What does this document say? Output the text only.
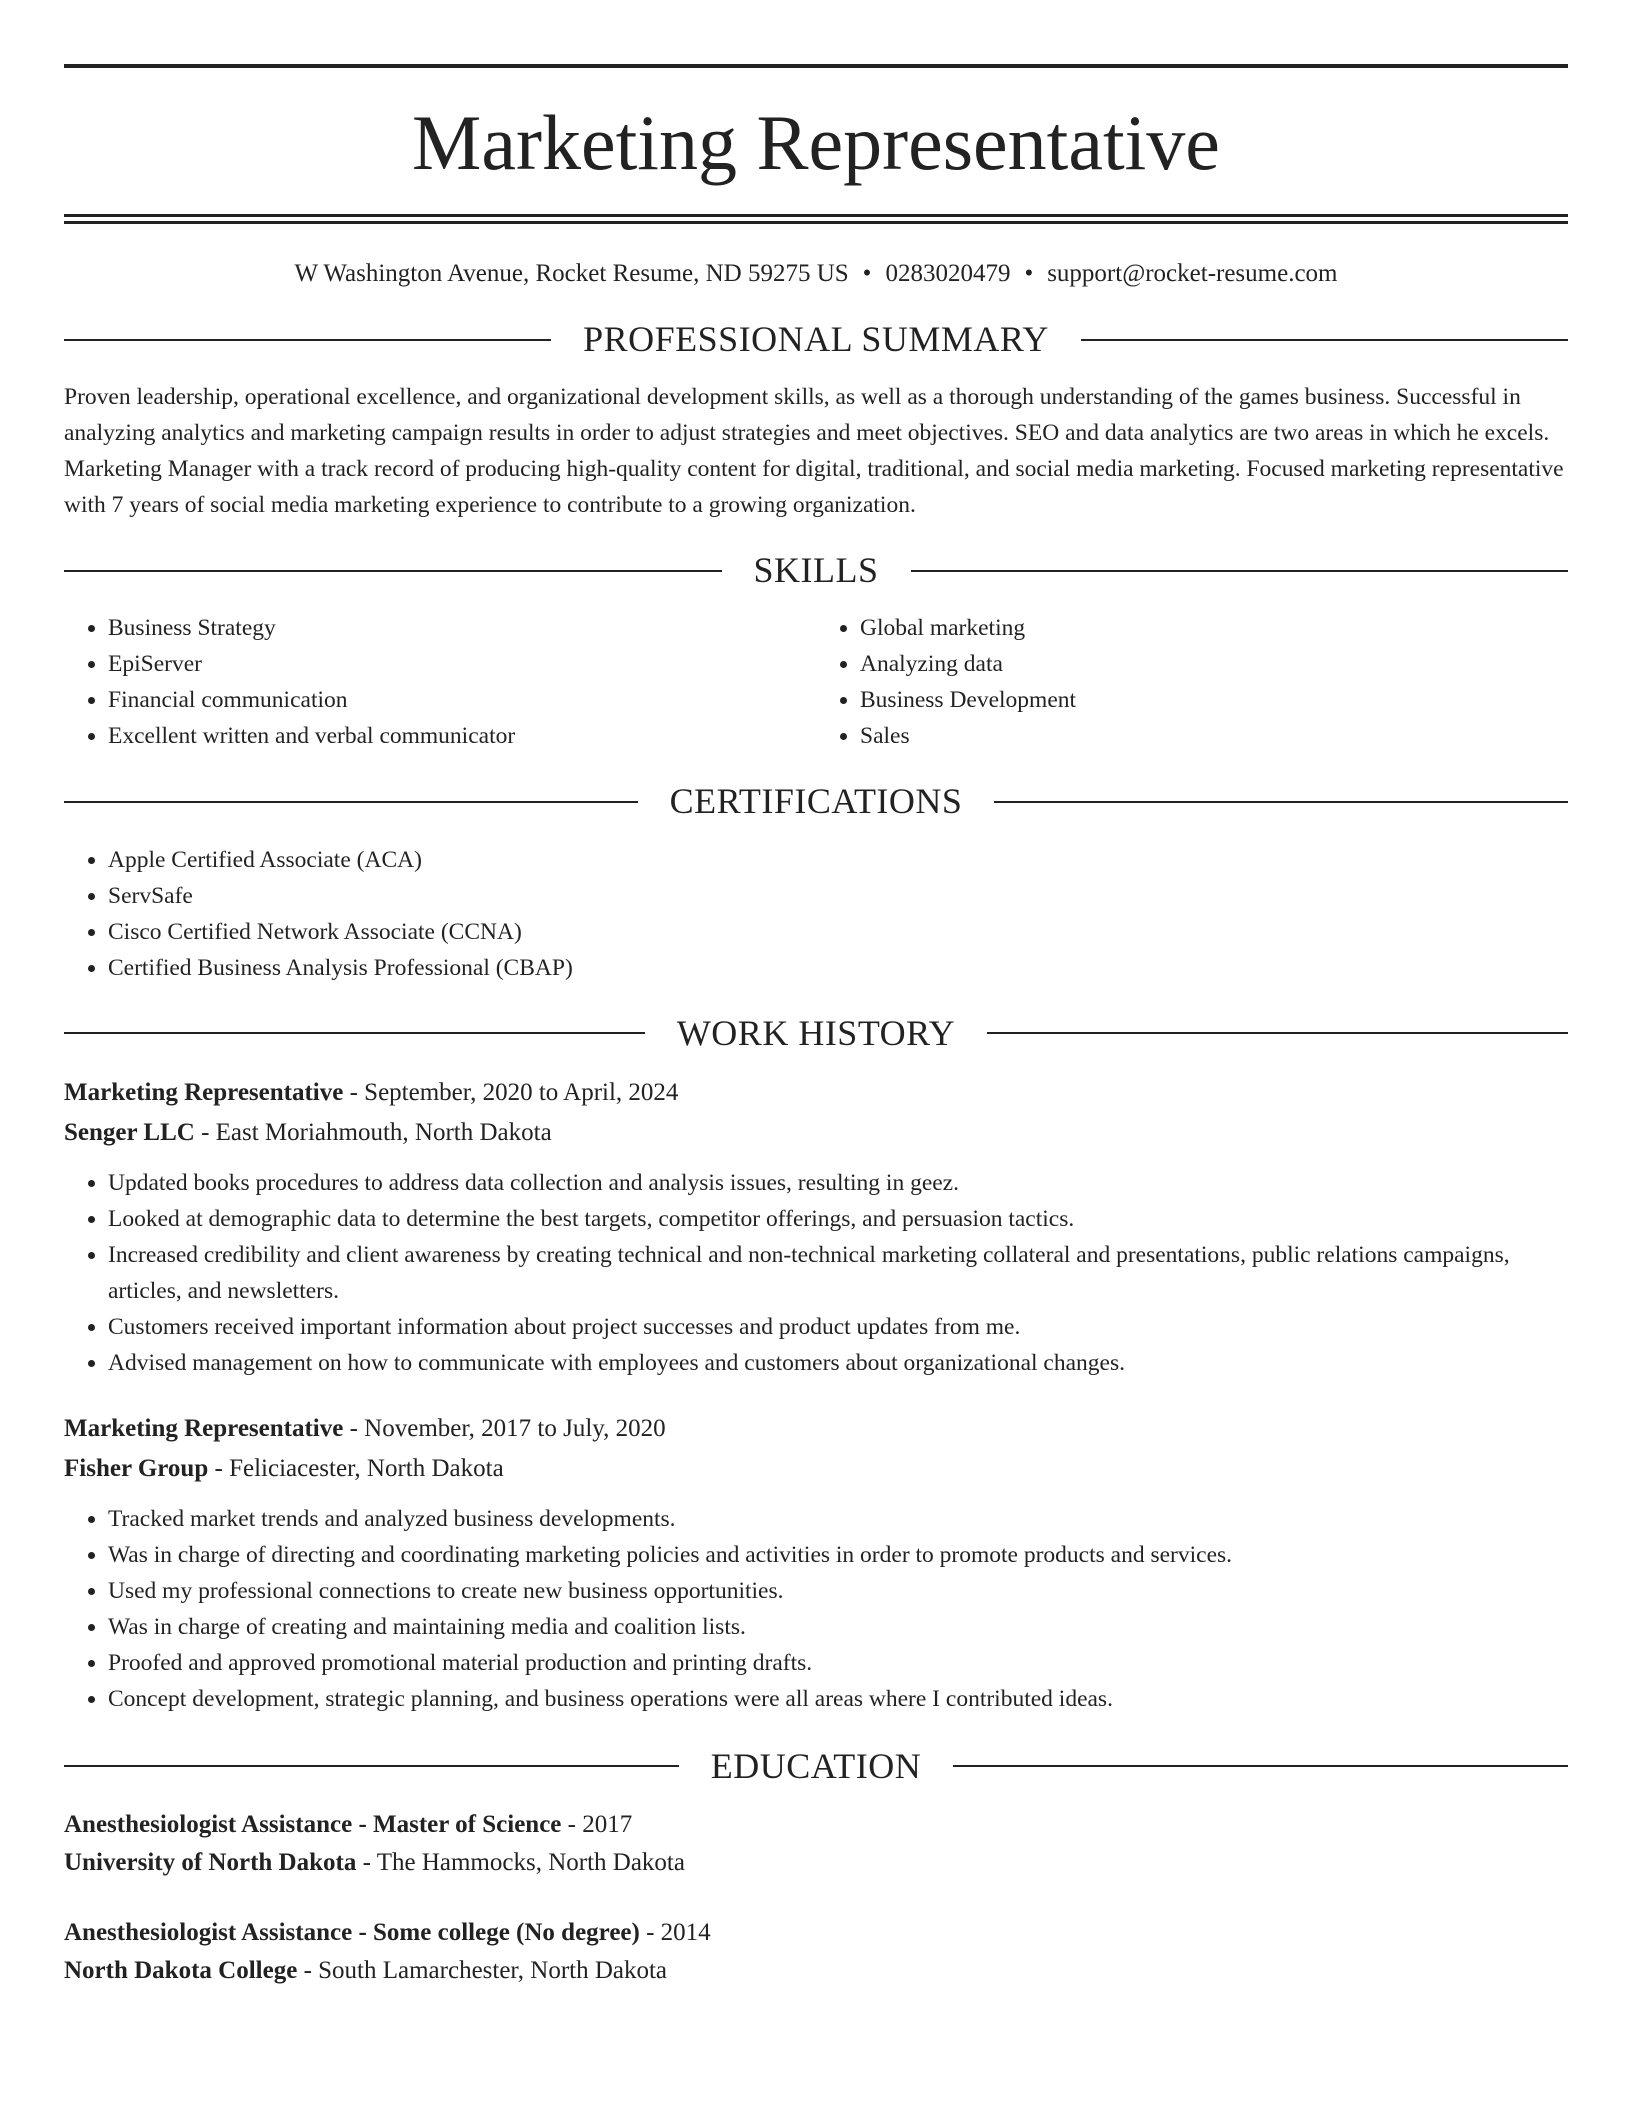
Marketing Representative
W Washington Avenue, Rocket Resume, ND 59275 US • 0283020479 • support@rocket-resume.com
PROFESSIONAL SUMMARY

Proven leadership, operational excellence, and organizational development skills, as well as a thorough understanding of the games business. Successful in analyzing analytics and marketing campaign results in order to adjust strategies and meet objectives. SEO and data analytics are two areas in which he excels. Marketing Manager with a track record of producing high-quality content for digital, traditional, and social media marketing. Focused marketing representative with 7 years of social media marketing experience to contribute to a growing organization.

SKILLS
• Business Strategy
• EpiServer
• Financial communication
• Excellent written and verbal communicator
• Global marketing
• Analyzing data
• Business Development
• Sales
CERTIFICATIONS
• Apple Certified Associate (ACA)
• ServSafe
• Cisco Certified Network Associate (CCNA)
• Certified Business Analysis Professional (CBAP)
WORK HISTORY
Marketing Representative - September, 2020 to April, 2024
Senger LLC - East Moriahmouth, North Dakota
• Updated books procedures to address data collection and analysis issues, resulting in geez.
• Looked at demographic data to determine the best targets, competitor offerings, and persuasion tactics.
• Increased credibility and client awareness by creating technical and non-technical marketing collateral and presentations, public relations campaigns, articles, and newsletters.
• Customers received important information about project successes and product updates from me.
• Advised management on how to communicate with employees and customers about organizational changes.
Marketing Representative - November, 2017 to July, 2020
Fisher Group - Feliciacester, North Dakota
• Tracked market trends and analyzed business developments.
• Was in charge of directing and coordinating marketing policies and activities in order to promote products and services.
• Used my professional connections to create new business opportunities.
• Was in charge of creating and maintaining media and coalition lists.
• Proofed and approved promotional material production and printing drafts.
• Concept development, strategic planning, and business operations were all areas where I contributed ideas.
EDUCATION
Anesthesiologist Assistance - Master of Science - 2017
University of North Dakota - The Hammocks, North Dakota
Anesthesiologist Assistance - Some college (No degree) - 2014
North Dakota College - South Lamarchester, North Dakota
